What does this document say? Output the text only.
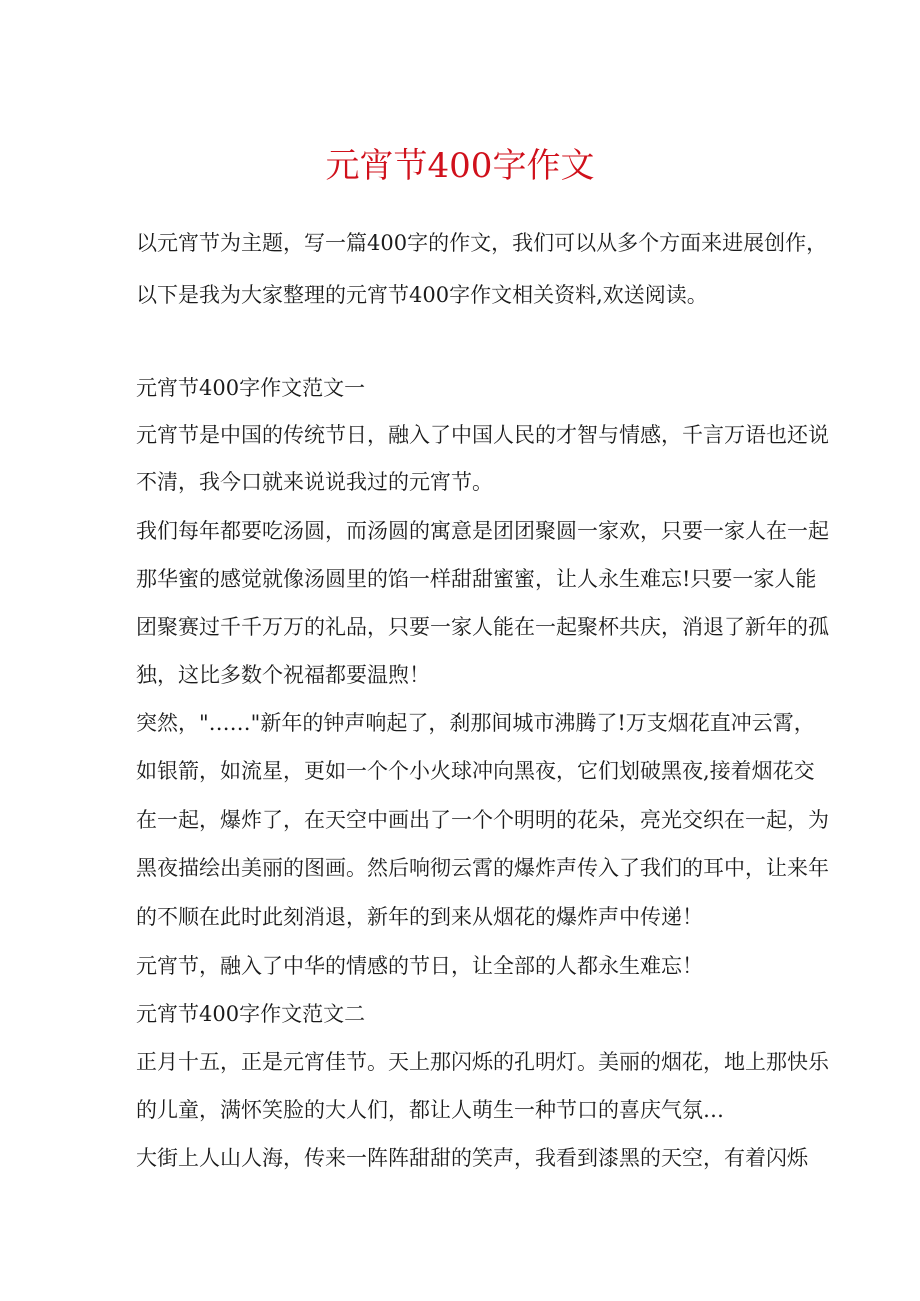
元宵节400字作文
以元宵节为主题，写一篇400字的作文，我们可以从多个方面来进展创作，
以下是我为大家整理的元宵节400字作文相关资料,欢送阅读。
元宵节400字作文范文一
元宵节是中国的传统节日，融入了中国人民的才智与情感，千言万语也还说
不清，我今口就来说说我过的元宵节。
我们每年都要吃汤圆，而汤圆的寓意是团团聚圆一家欢，只要一家人在一起
那华蜜的感觉就像汤圆里的馅一样甜甜蜜蜜，让人永生难忘!只要一家人能
团聚赛过千千万万的礼品，只要一家人能在一起聚杯共庆，消退了新年的孤
独，这比多数个祝福都要温煦！
突然，"……"新年的钟声响起了，刹那间城市沸腾了!万支烟花直冲云霄，
如银箭，如流星，更如一个个小火球冲向黑夜，它们划破黑夜,接着烟花交
在一起，爆炸了，在天空中画出了一个个明明的花朵，亮光交织在一起，为
黑夜描绘出美丽的图画。然后响彻云霄的爆炸声传入了我们的耳中，让来年
的不顺在此时此刻消退，新年的到来从烟花的爆炸声中传递！
元宵节，融入了中华的情感的节日，让全部的人都永生难忘！
元宵节400字作文范文二
正月十五，正是元宵佳节。天上那闪烁的孔明灯。美丽的烟花，地上那快乐
的儿童，满怀笑脸的大人们，都让人萌生一种节口的喜庆气氛…
大街上人山人海，传来一阵阵甜甜的笑声，我看到漆黑的天空，有着闪烁
